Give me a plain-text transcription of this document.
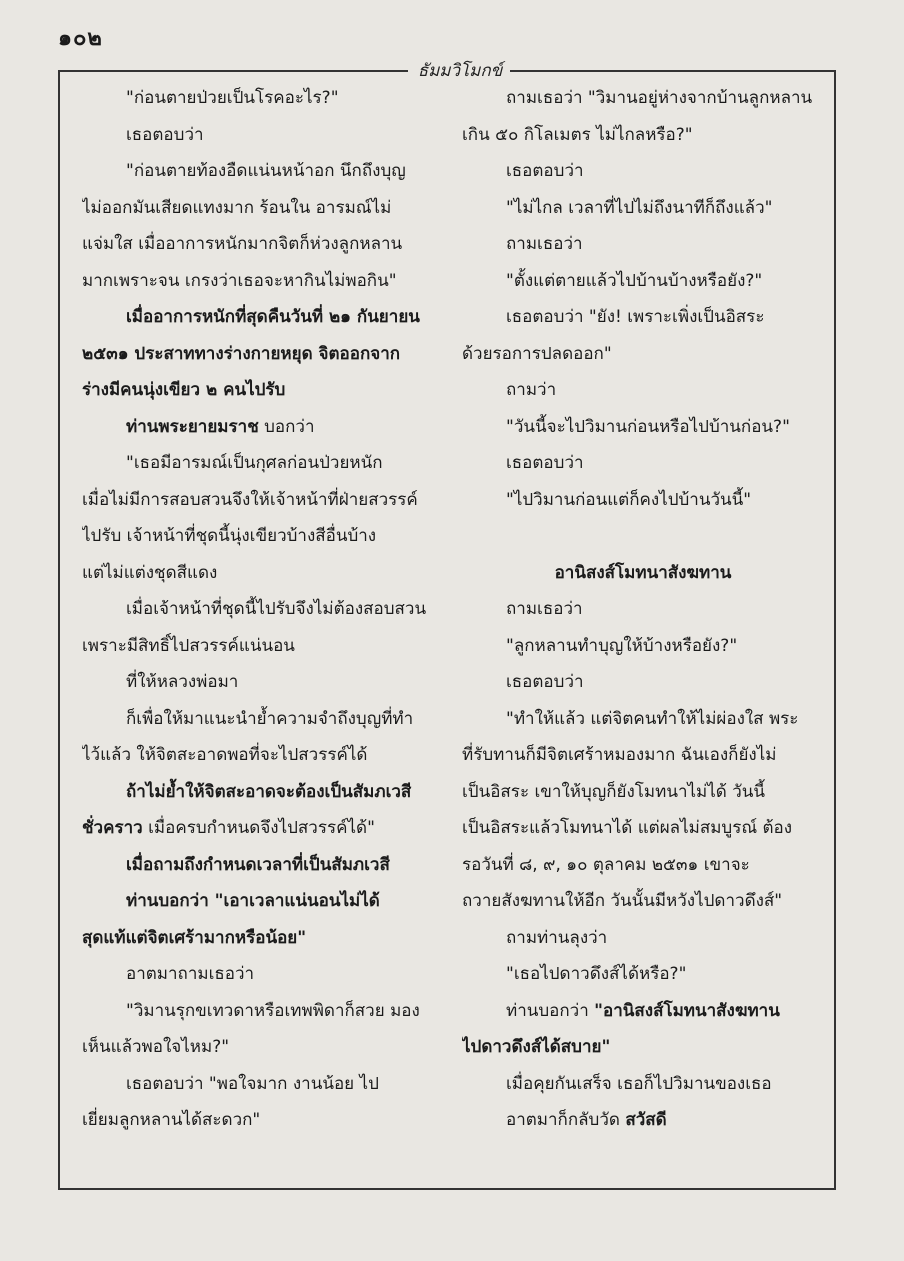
๑๐๒
ธัมมวิโมกข์
"ก่อนตายป่วยเป็นโรคอะไร?"
เธอตอบว่า
"ก่อนตายท้องอืดแน่นหน้าอก นึกถึงบุญ
ไม่ออกมันเสียดแทงมาก ร้อนใน อารมณ์ไม่
แจ่มใส เมื่ออาการหนักมากจิตก็ห่วงลูกหลาน
มากเพราะจน เกรงว่าเธอจะหากินไม่พอกิน"
เมื่ออาการหนักที่สุดคืนวันที่ ๒๑ กันยายน
๒๕๓๑ ประสาททางร่างกายหยุด จิตออกจาก
ร่างมีคนนุ่งเขียว ๒ คนไปรับ
ท่านพระยายมราช บอกว่า
"เธอมีอารมณ์เป็นกุศลก่อนป่วยหนัก
เมื่อไม่มีการสอบสวนจึงให้เจ้าหน้าที่ฝ่ายสวรรค์
ไปรับ เจ้าหน้าที่ชุดนี้นุ่งเขียวบ้างสีอื่นบ้าง
แต่ไม่แต่งชุดสีแดง
เมื่อเจ้าหน้าที่ชุดนี้ไปรับจึงไม่ต้องสอบสวน
เพราะมีสิทธิ์ไปสวรรค์แน่นอน
ที่ให้หลวงพ่อมา
ก็เพื่อให้มาแนะนำย้ำความจำถึงบุญที่ทำ
ไว้แล้ว ให้จิตสะอาดพอที่จะไปสวรรค์ได้
ถ้าไม่ย้ำให้จิตสะอาดจะต้องเป็นสัมภเวสี
ชั่วคราว เมื่อครบกำหนดจึงไปสวรรค์ได้"
เมื่อถามถึงกำหนดเวลาที่เป็นสัมภเวสี
ท่านบอกว่า "เอาเวลาแน่นอนไม่ได้
สุดแท้แต่จิตเศร้ามากหรือน้อย"
อาตมาถามเธอว่า
"วิมานรุกขเทวดาหรือเทพพิดาก็สวย มอง
เห็นแล้วพอใจไหม?"
เธอตอบว่า "พอใจมาก งานน้อย ไป
เยี่ยมลูกหลานได้สะดวก"
ถามเธอว่า "วิมานอยู่ห่างจากบ้านลูกหลาน
เกิน ๕๐ กิโลเมตร ไม่ไกลหรือ?"
เธอตอบว่า
"ไม่ไกล เวลาที่ไปไม่ถึงนาทีก็ถึงแล้ว"
ถามเธอว่า
"ตั้งแต่ตายแล้วไปบ้านบ้างหรือยัง?"
เธอตอบว่า "ยัง! เพราะเพิ่งเป็นอิสระ
ด้วยรอการปลดออก"
ถามว่า
"วันนี้จะไปวิมานก่อนหรือไปบ้านก่อน?"
เธอตอบว่า
"ไปวิมานก่อนแต่ก็คงไปบ้านวันนี้"
อานิสงส์โมทนาสังฆทาน
ถามเธอว่า
"ลูกหลานทำบุญให้บ้างหรือยัง?"
เธอตอบว่า
"ทำให้แล้ว แต่จิตคนทำให้ไม่ผ่องใส พระ
ที่รับทานก็มีจิตเศร้าหมองมาก ฉันเองก็ยังไม่
เป็นอิสระ เขาให้บุญก็ยังโมทนาไม่ได้ วันนี้
เป็นอิสระแล้วโมทนาได้ แต่ผลไม่สมบูรณ์ ต้อง
รอวันที่ ๘, ๙, ๑๐ ตุลาคม ๒๕๓๑ เขาจะ
ถวายสังฆทานให้อีก วันนั้นมีหวังไปดาวดึงส์"
ถามท่านลุงว่า
"เธอไปดาวดึงส์ได้หรือ?"
ท่านบอกว่า "อานิสงส์โมทนาสังฆทาน
ไปดาวดึงส์ได้สบาย"
เมื่อคุยกันเสร็จ เธอก็ไปวิมานของเธอ
อาตมาก็กลับวัด สวัสดี
